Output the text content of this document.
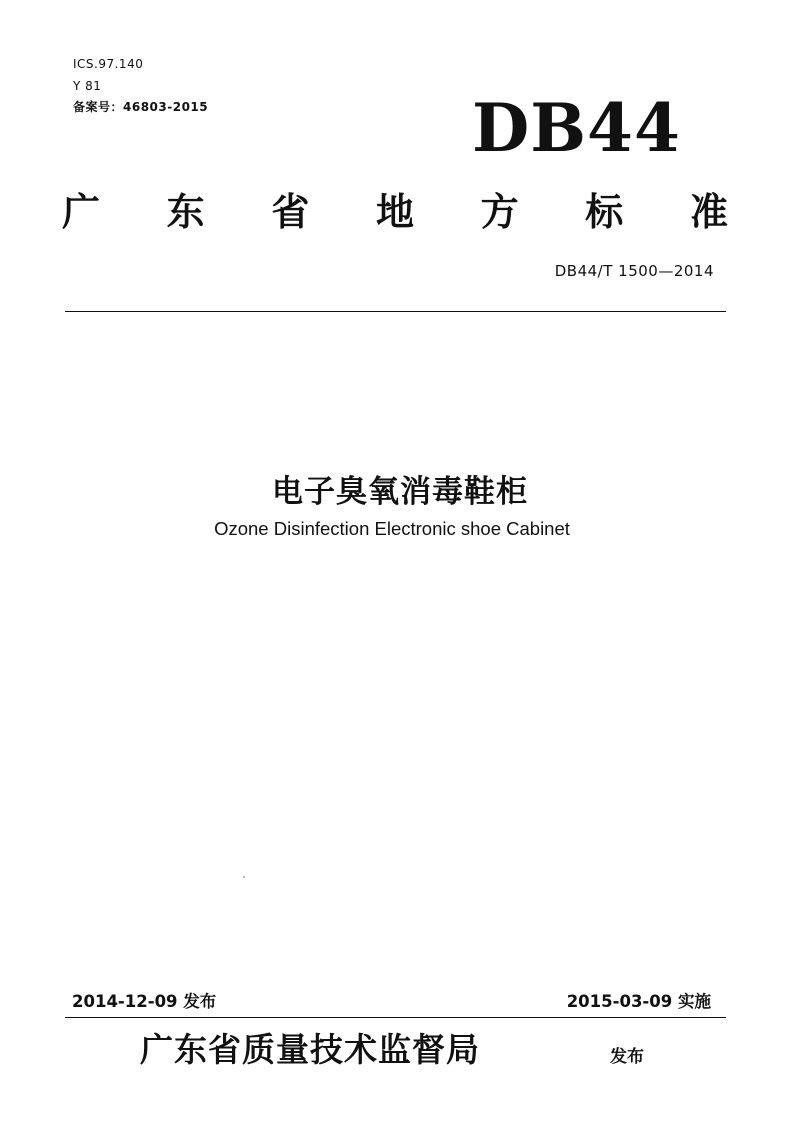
ICS.97.140
Y 81
备案号：46803-2015	DB44
广 东 省 地 方 标 准
DB44/T 1500—2014
电子臭氧消毒鞋柜
Ozone Disinfection Electronic shoe Cabinet
2014-12-09 发布	2015-03-09 实施
广东省质量技术监督局	发布
